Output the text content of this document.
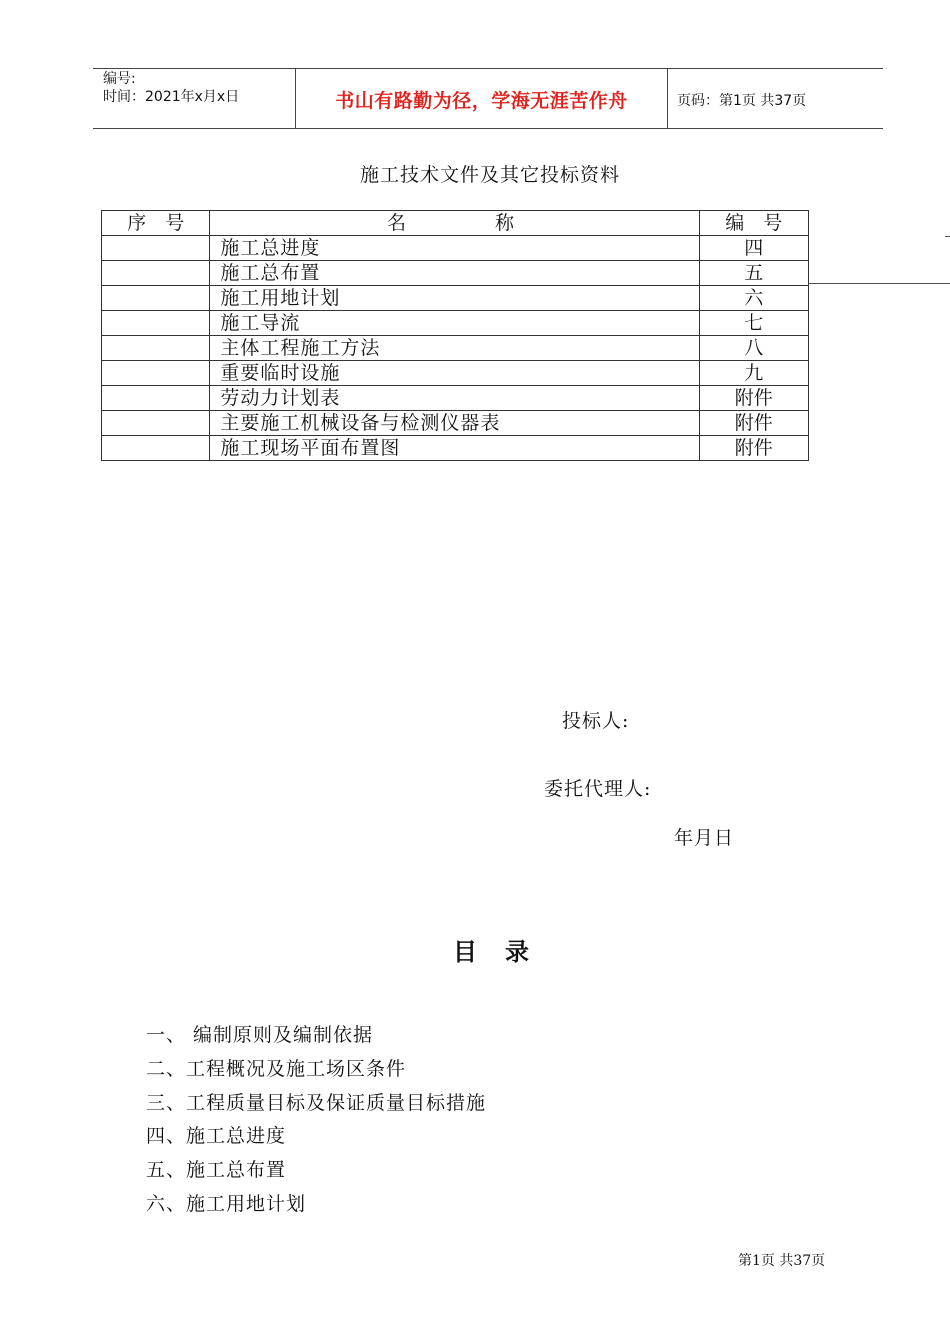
编号:
时间：2021年x月x日	书山有路勤为径，学海无涯苦作舟	页码：第1页 共37页
施工技术文件及其它投标资料
序　号	名　　　称	编　号
	施工总进度	四
	施工总布置	五
	施工用地计划	六
	施工导流	七
	主体工程施工方法	八
	重要临时设施	九
	劳动力计划表	附件
	主要施工机械设备与检测仪器表	附件
	施工现场平面布置图	附件
投标人:
委托代理人:
年月日
目录
一、 编制原则及编制依据
二、工程概况及施工场区条件
三、工程质量目标及保证质量目标措施
四、施工总进度
五、施工总布置
六、施工用地计划
第1页 共37页
